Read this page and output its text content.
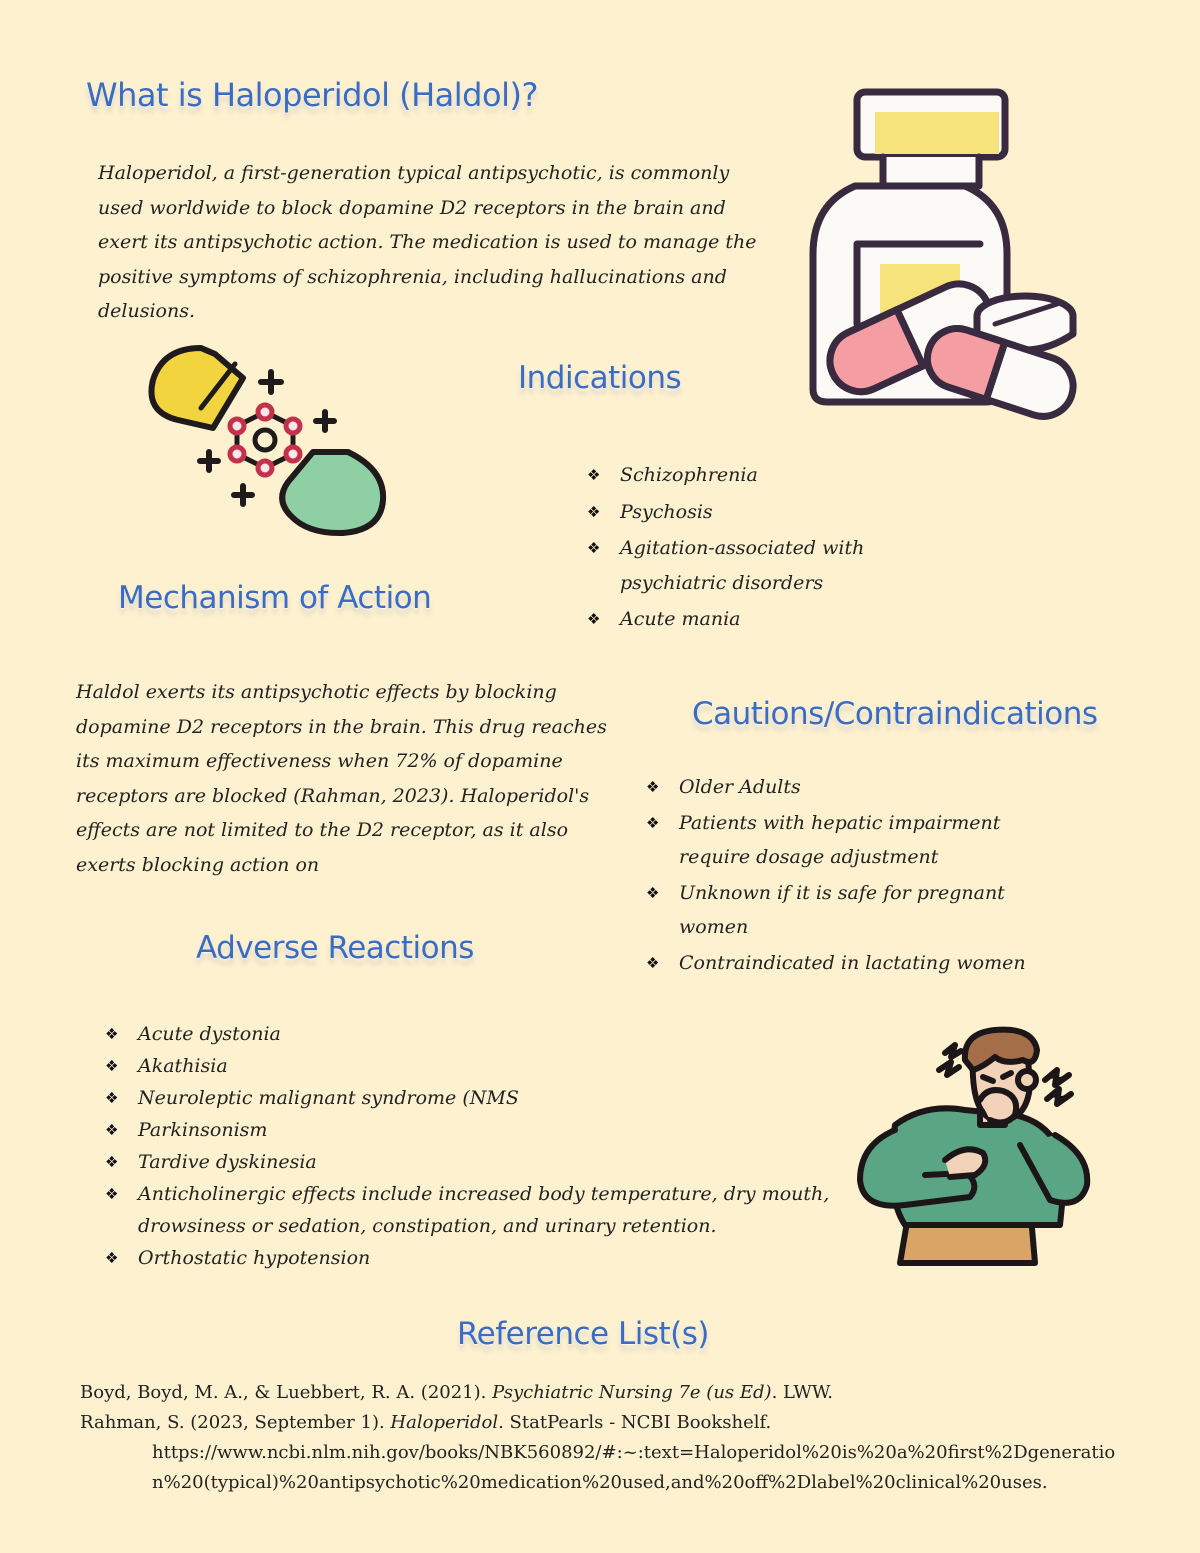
What is Haloperidol (Haldol)?

Haloperidol, a first-generation typical antipsychotic, is commonly used worldwide to block dopamine D2 receptors in the brain and exert its antipsychotic action. The medication is used to manage the positive symptoms of schizophrenia, including hallucinations and delusions.

Indications
❖ Schizophrenia
❖ Psychosis
❖ Agitation-associated with psychiatric disorders
❖ Acute mania
Mechanism of Action

Haldol exerts its antipsychotic effects by blocking dopamine D2 receptors in the brain. This drug reaches its maximum effectiveness when 72% of dopamine receptors are blocked (Rahman, 2023). Haloperidol's effects are not limited to the D2 receptor, as it also exerts blocking action on

Cautions/Contraindications
❖ Older Adults
❖ Patients with hepatic impairment require dosage adjustment
❖ Unknown if it is safe for pregnant women
❖ Contraindicated in lactating women
Adverse Reactions
❖ Acute dystonia
❖ Akathisia
❖ Neuroleptic malignant syndrome (NMS
❖ Parkinsonism
❖ Tardive dyskinesia
❖ Anticholinergic effects include increased body temperature, dry mouth, drowsiness or sedation, constipation, and urinary retention.
❖ Orthostatic hypotension
Reference List(s)

Boyd, Boyd, M. A., & Luebbert, R. A. (2021). Psychiatric Nursing 7e (us Ed). LWW.

Rahman, S. (2023, September 1). Haloperidol. StatPearls - NCBI Bookshelf.

https://www.ncbi.nlm.nih.gov/books/NBK560892/#:~:text=Haloperidol%20is%20a%20first%2Dgeneration%20(typical)%20antipsychotic%20medication%20used,and%20off%2Dlabel%20clinical%20uses.
